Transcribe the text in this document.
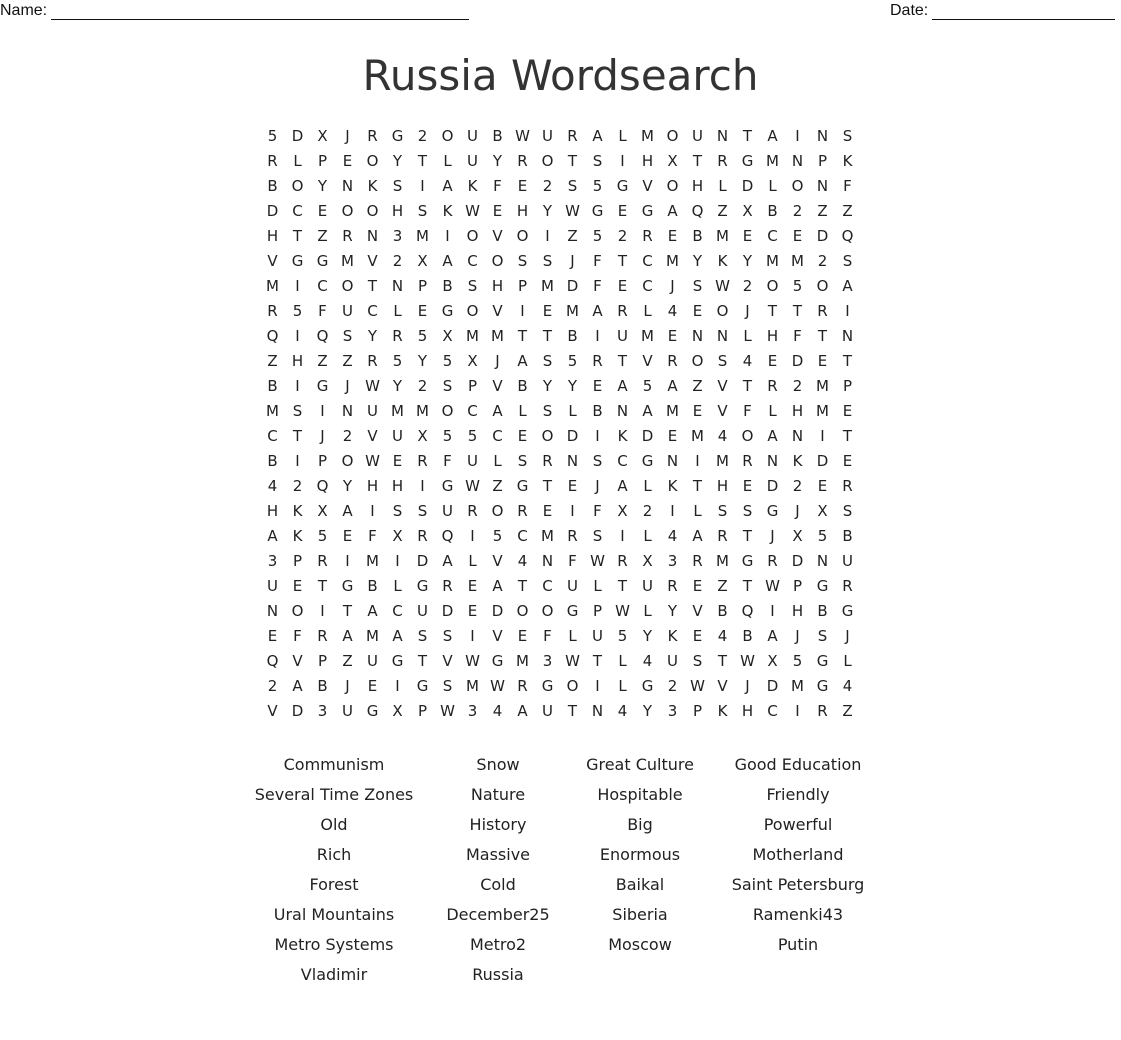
Name:	Date:
Russia Wordsearch
5 D X	J	R G 2 O U B W U R A	L M O U N T	A	I	N S
R	L	P	E O Y	T	L	U Y	R O T	S	I	H X	T	R G M N P	K
B O Y N K	S	I	A K	F	E	2	S	5 G V O H	L	D	L O N	F
D C	E O O H S	K W E H Y W G E G A Q Z X B	2	Z Z
H T	Z R N 3 M	I	O V O	I	Z	5	2	R	E	B M E	C	E D Q
V G G M V	2	X A C O S	S	J	F	T	C M Y	K	Y M M 2	S
M	I	C O T N P	B	S H P M D F	E	C	J	S W 2 O 5 O A
R	5	F	U C	L	E G O V	I	E M A R	L	4	E O	J	T	T	R	I
Q	I	Q S	Y	R	5	X M M T	T	B	I	U M E N N	L	H	F	T N
Z H Z Z R	5	Y	5	X	J	A	S	5	R	T	V R O S	4	E D E	T
B	I	G	J	W Y	2	S	P	V B	Y	Y	E	A	5	A Z V	T	R	2 M P
M S	I	N U M M O C A	L	S	L	B N A M E	V	F	L	H M E
C	T	J	2	V U X	5	5 C	E O D	I	K D E M 4 O A N	I	T
B	I	P O W E	R	F	U	L	S	R N S C G N	I	M R N K D E
4	2 Q Y H H	I	G W Z G T	E	J	A	L	K	T H E D 2	E	R
H K X A	I	S	S U R O R	E	I	F	X	2	I	L	S	S G	J	X	S
A K	5	E	F	X R Q	I	5 C M R	S	I	L	4	A R	T	J	X	5	B
3	P	R	I	M	I	D A	L	V	4 N	F W R X	3	R M G R D N U
U E	T G B	L	G R	E	A	T	C U	L	T U R	E	Z	T W P G R
N O	I	T	A C U D E D O O G P W L	Y	V B Q	I	H B G
E	F	R A M A	S	S	I	V	E	F	L	U 5	Y	K	E	4	B A	J	S	J
Q V	P	Z U G T	V W G M 3 W T	L	4 U S	T W X	5 G	L
2	A B	J	E	I	G S M W R G O	I	L	G 2 W V	J	D M G 4
V D 3 U G X	P W 3	4	A U T N 4	Y	3	P	K H C	I	R Z
Communism	Snow	Great Culture	Good Education
Several Time Zones	Nature	Hospitable	Friendly
Old	History	Big	Powerful
Rich	Massive	Enormous	Motherland
Forest	Cold	Baikal	Saint Petersburg
Ural Mountains	December25	Siberia	Ramenki43
Metro Systems	Metro2	Moscow	Putin
Vladimir	Russia
